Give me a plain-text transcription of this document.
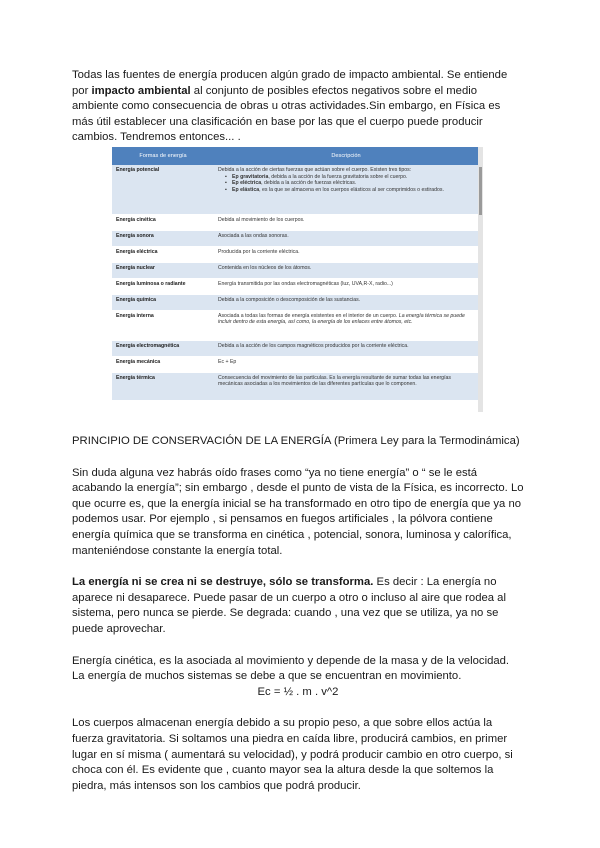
Todas las fuentes de energía producen algún grado de impacto ambiental. Se entiende por impacto ambiental al conjunto de posibles efectos negativos sobre el medio ambiente como consecuencia de obras u otras actividades.Sin embargo, en Física es más útil establecer una clasificación en base por las que el cuerpo puede producir cambios. Tendremos entonces... .

Formas de energía	Descripción
Energía potencial	Debida a la acción de ciertas fuerzas que actúan sobre el cuerpo. Existen tres tipos:
▪ Ep gravitatoria, debida a la acción de la fuerza gravitatoria sobre el cuerpo.
▪ Ep eléctrica, debida a la acción de fuerzas eléctricas.
▪ Ep elástica, es la que se almacena en los cuerpos elásticos al ser comprimidos o estirados.

Energía cinética	Debida al movimiento de los cuerpos.
Energía sonora	Asociada a las ondas sonoras.
Energía eléctrica	Producida por la corriente eléctrica.
Energía nuclear	Contenida en los núcleos de los átomos.
Energía luminosa o radiante	Energía transmitida por las ondas electromagnéticas (luz, UVA,R-X, radio...)
Energía química	Debida a la composición o descomposición de las sustancias.
Energía interna	Asociada a todas las formas de energía existentes en el interior de un cuerpo. La energía térmica se puede incluir dentro de esta energía, así como, la energía de los enlaces entre átomos, etc.
Energía electromagnética	Debida a la acción de los campos magnéticos producidos por la corriente eléctrica.
Energía mecánica	Ec + Ep
Energía térmica	Consecuencia del movimiento de las partículas. Es la energía resultante de sumar todas las energías mecánicas asociadas a los movimientos de las diferentes partículas que lo componen.

PRINCIPIO DE CONSERVACIÓN DE LA ENERGÍA (Primera Ley para la Termodinámica)

Sin duda alguna vez habrás oído frases como “ya no tiene energía” o “ se le está acabando la energía”; sin embargo , desde el punto de vista de la Física, es incorrecto. Lo que ocurre es, que la energía inicial se ha transformado en otro tipo de energía que ya no podemos usar. Por ejemplo , si pensamos en fuegos artificiales , la pólvora contiene energía química que se transforma en cinética , potencial, sonora, luminosa y calorífica, manteniéndose constante la energía total.

La energía ni se crea ni se destruye, sólo se transforma. Es decir : La energía no aparece ni desaparece. Puede pasar de un cuerpo a otro o incluso al aire que rodea al sistema, pero nunca se pierde. Se degrada: cuando , una vez que se utiliza, ya no se puede aprovechar.

Energía cinética, es la asociada al movimiento y depende de la masa y de la velocidad. La energía de muchos sistemas se debe a que se encuentran en movimiento.

Ec = ½ . m . v^2

Los cuerpos almacenan energía debido a su propio peso, a que sobre ellos actúa la fuerza gravitatoria. Si soltamos una piedra en caída libre, producirá cambios, en primer lugar en sí misma ( aumentará su velocidad), y podrá producir cambio en otro cuerpo, si choca con él. Es evidente que , cuanto mayor sea la altura desde la que soltemos la piedra, más intensos son los cambios que podrá producir.
